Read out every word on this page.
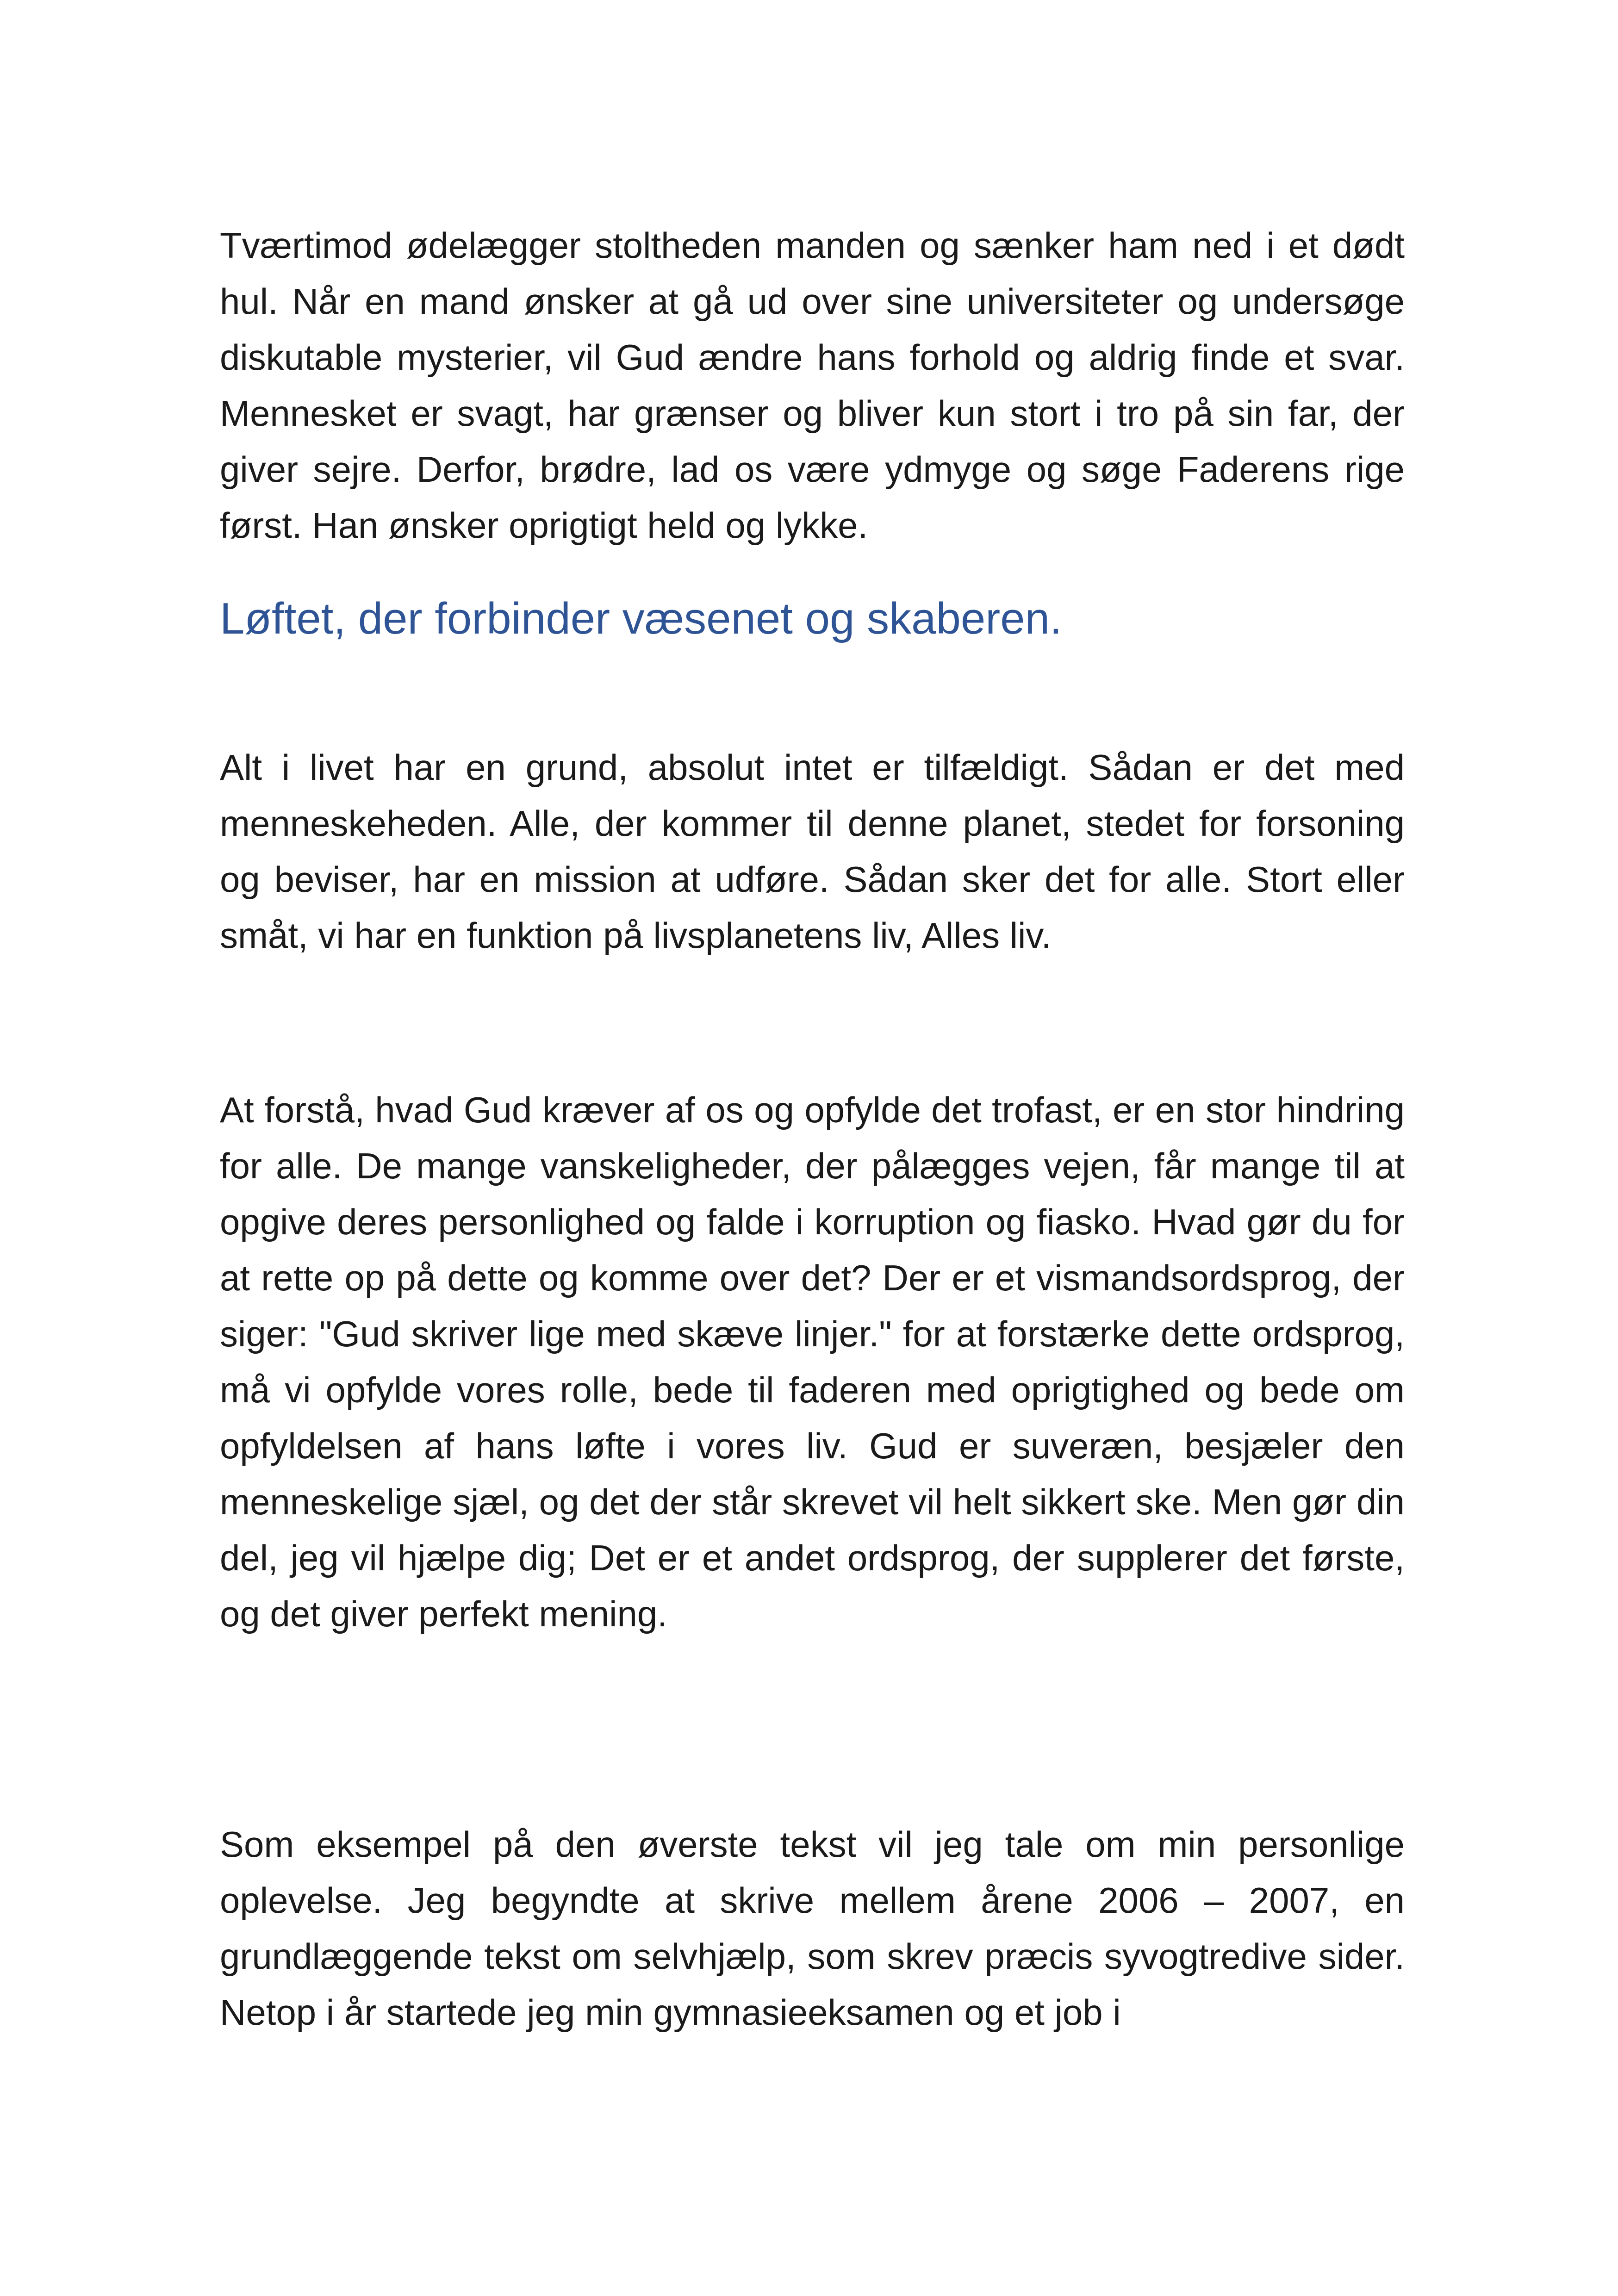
Tværtimod ødelægger stoltheden manden og sænker ham ned i et dødt hul. Når en mand ønsker at gå ud over sine universiteter og undersøge diskutable mysterier, vil Gud ændre hans forhold og aldrig finde et svar. Mennesket er svagt, har grænser og bliver kun stort i tro på sin far, der giver sejre. Derfor, brødre, lad os være ydmyge og søge Faderens rige først. Han ønsker oprigtigt held og lykke.

Løftet, der forbinder væsenet og skaberen.

Alt i livet har en grund, absolut intet er tilfældigt. Sådan er det med menneskeheden. Alle, der kommer til denne planet, stedet for forsoning og beviser, har en mission at udføre. Sådan sker det for alle. Stort eller småt, vi har en funktion på livsplanetens liv, Alles liv.

At forstå, hvad Gud kræver af os og opfylde det trofast, er en stor hindring for alle. De mange vanskeligheder, der pålægges vejen, får mange til at opgive deres personlighed og falde i korruption og fiasko. Hvad gør du for at rette op på dette og komme over det? Der er et vismandsordsprog, der siger: "Gud skriver lige med skæve linjer." for at forstærke dette ordsprog, må vi opfylde vores rolle, bede til faderen med oprigtighed og bede om opfyldelsen af hans løfte i vores liv. Gud er suveræn, besjæler den menneskelige sjæl, og det der står skrevet vil helt sikkert ske. Men gør din del, jeg vil hjælpe dig; Det er et andet ordsprog, der supplerer det første, og det giver perfekt mening.

Som eksempel på den øverste tekst vil jeg tale om min personlige oplevelse. Jeg begyndte at skrive mellem årene 2006 – 2007, en grundlæggende tekst om selvhjælp, som skrev præcis syvogtredive sider. Netop i år startede jeg min gymnasieeksamen og et job i
